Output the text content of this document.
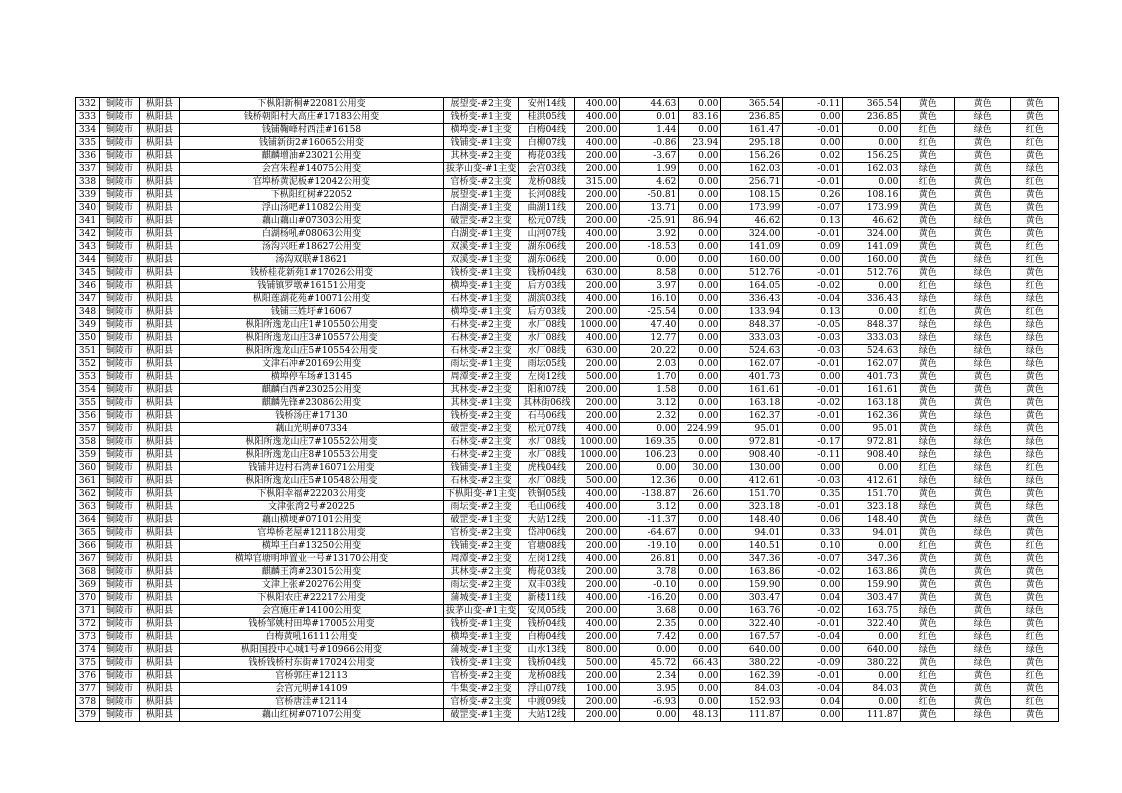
332	铜陵市	枞阳县	下枞阳新桐#22081公用变	展望变-#2主变	安州14线	400.00	44.63	0.00	365.54	-0.11	365.54	黄色	黄色	黄色
333	铜陵市	枞阳县	钱桥朝阳村大高庄#17183公用变	钱桥变-#1主变	桂洪05线	400.00	0.01	83.16	236.85	0.00	236.85	黄色	绿色	黄色
334	铜陵市	枞阳县	钱铺鞠峰村西洼#16158	横埠变-#1主变	白梅04线	200.00	1.44	0.00	161.47	-0.01	0.00	红色	绿色	红色
335	铜陵市	枞阳县	钱铺新街2#16065公用变	钱铺变-#1主变	白柳07线	400.00	-0.86	23.94	295.18	0.00	0.00	红色	黄色	红色
336	铜陵市	枞阳县	麒麟增油#23021公用变	其林变-#2主变	梅花03线	200.00	-3.67	0.00	156.26	0.02	156.25	黄色	黄色	黄色
337	铜陵市	枞阳县	会宫朱程#14075公用变	拔茅山变-#1主变	会宫03线	200.00	1.99	0.00	162.03	-0.01	162.03	绿色	黄色	绿色
338	铜陵市	枞阳县	官埠桥黄泥板#12042公用变	官桥变-#2主变	龙桥08线	315.00	4.62	0.00	256.71	-0.01	0.00	红色	黄色	红色
339	铜陵市	枞阳县	下枞阳红树#22052	展望变-#1主变	长河08线	200.00	-50.81	0.00	108.15	0.26	108.16	黄色	黄色	黄色
340	铜陵市	枞阳县	浮山汤吧#11082公用变	白湖变-#1主变	曲湖11线	200.00	13.71	0.00	173.99	-0.07	173.99	黄色	黄色	黄色
341	铜陵市	枞阳县	藕山藕山#07303公用变	破罡变-#2主变	松元07线	200.00	-25.91	86.94	46.62	0.13	46.62	黄色	绿色	黄色
342	铜陵市	枞阳县	白湖杨吼#08063公用变	白湖变-#1主变	山河07线	400.00	3.92	0.00	324.00	-0.01	324.00	黄色	黄色	黄色
343	铜陵市	枞阳县	汤沟兴旺#18627公用变	双溪变-#1主变	湖东06线	200.00	-18.53	0.00	141.09	0.09	141.09	黄色	黄色	红色
344	铜陵市	枞阳县	汤沟双联#18621	双溪变-#1主变	湖东06线	200.00	0.00	0.00	160.00	0.00	160.00	黄色	绿色	红色
345	铜陵市	枞阳县	钱桥桂花新苑1#17026公用变	钱桥变-#1主变	钱桥04线	630.00	8.58	0.00	512.76	-0.01	512.76	黄色	绿色	黄色
346	铜陵市	枞阳县	钱铺镇罗墩#16151公用变	横埠变-#1主变	后方03线	200.00	3.97	0.00	164.05	-0.02	0.00	红色	绿色	红色
347	铜陵市	枞阳县	枞阳莲湖花苑#10071公用变	石林变-#1主变	湖滨03线	400.00	16.10	0.00	336.43	-0.04	336.43	绿色	绿色	绿色
348	铜陵市	枞阳县	钱铺三姓圩#16067	横埠变-#1主变	后方03线	200.00	-25.54	0.00	133.94	0.13	0.00	红色	黄色	红色
349	铜陵市	枞阳县	枞阳所逸龙山庄1#10550公用变	石林变-#2主变	水厂08线	1000.00	47.40	0.00	848.37	-0.05	848.37	绿色	绿色	绿色
350	铜陵市	枞阳县	枞阳所逸龙山庄3#10557公用变	石林变-#2主变	水厂08线	400.00	12.77	0.00	333.03	-0.03	333.03	绿色	绿色	绿色
351	铜陵市	枞阳县	枞阳所逸龙山庄5#10554公用变	石林变-#2主变	水厂08线	630.00	20.22	0.00	524.63	-0.03	524.63	绿色	绿色	绿色
352	铜陵市	枞阳县	文津石冲#20169公用变	雨坛变-#1主变	雨坛05线	200.00	2.03	0.00	162.07	-0.01	162.07	黄色	绿色	绿色
353	铜陵市	枞阳县	横埠停车场#13145	周潭变-#2主变	左岗12线	500.00	1.70	0.00	401.73	0.00	401.73	黄色	黄色	黄色
354	铜陵市	枞阳县	麒麟白西#23025公用变	其林变-#2主变	阳和07线	200.00	1.58	0.00	161.61	-0.01	161.61	黄色	黄色	黄色
355	铜陵市	枞阳县	麒麟先锋#23086公用变	其林变-#1主变	其林街06线	200.00	3.12	0.00	163.18	-0.02	163.18	黄色	黄色	黄色
356	铜陵市	枞阳县	钱桥汤庄#17130	钱桥变-#2主变	石马06线	200.00	2.32	0.00	162.37	-0.01	162.36	黄色	绿色	黄色
357	铜陵市	枞阳县	藕山光明#07334	破罡变-#2主变	松元07线	400.00	0.00	224.99	95.01	0.00	95.01	黄色	绿色	黄色
358	铜陵市	枞阳县	枞阳所逸龙山庄7#10552公用变	石林变-#2主变	水厂08线	1000.00	169.35	0.00	972.81	-0.17	972.81	绿色	绿色	绿色
359	铜陵市	枞阳县	枞阳所逸龙山庄8#10553公用变	石林变-#2主变	水厂08线	1000.00	106.23	0.00	908.40	-0.11	908.40	绿色	绿色	绿色
360	铜陵市	枞阳县	钱铺井边村石湾#16071公用变	钱铺变-#1主变	虎栈04线	200.00	0.00	30.00	130.00	0.00	0.00	红色	绿色	红色
361	铜陵市	枞阳县	枞阳所逸龙山庄5#10548公用变	石林变-#2主变	水厂08线	500.00	12.36	0.00	412.61	-0.03	412.61	绿色	绿色	绿色
362	铜陵市	枞阳县	下枞阳幸福#22203公用变	下枞阳变-#1主变	铁铜05线	400.00	-138.87	26.60	151.70	0.35	151.70	黄色	黄色	黄色
363	铜陵市	枞阳县	文津张湾2号#20225	雨坛变-#2主变	毛山06线	400.00	3.12	0.00	323.18	-0.01	323.18	绿色	黄色	绿色
364	铜陵市	枞阳县	藕山横埂#07101公用变	破罡变-#1主变	大站12线	200.00	-11.37	0.00	148.40	0.06	148.40	黄色	绿色	黄色
365	铜陵市	枞阳县	官埠桥老屋#12118公用变	官桥变-#2主变	岱冲06线	200.00	-64.67	0.00	94.01	0.33	94.01	黄色	绿色	黄色
366	铜陵市	枞阳县	横埠王白#13250公用变	钱铺变-#2主变	官塘08线	200.00	-19.10	0.00	140.51	0.10	0.00	红色	黄色	红色
367	铜陵市	枞阳县	横埠官塘明坤置业一号#13170公用变	周潭变-#2主变	左岗12线	400.00	26.81	0.00	347.36	-0.07	347.36	黄色	黄色	黄色
368	铜陵市	枞阳县	麒麟王湾#23015公用变	其林变-#2主变	梅花03线	200.00	3.78	0.00	163.86	-0.02	163.86	黄色	黄色	黄色
369	铜陵市	枞阳县	文津上张#20276公用变	雨坛变-#2主变	双丰03线	200.00	-0.10	0.00	159.90	0.00	159.90	黄色	黄色	黄色
370	铜陵市	枞阳县	下枞阳农庄#22217公用变	蒲城变-#1主变	新楼11线	400.00	-16.20	0.00	303.47	0.04	303.47	黄色	黄色	黄色
371	铜陵市	枞阳县	会宫施庄#14100公用变	拔茅山变-#1主变	安凤05线	200.00	3.68	0.00	163.76	-0.02	163.75	绿色	黄色	绿色
372	铜陵市	枞阳县	钱桥邹姚村田埠#17005公用变	钱桥变-#1主变	钱桥04线	400.00	2.35	0.00	322.40	-0.01	322.40	黄色	绿色	黄色
373	铜陵市	枞阳县	白梅黄吼16111公用变	横埠变-#1主变	白梅04线	200.00	7.42	0.00	167.57	-0.04	0.00	红色	绿色	红色
374	铜陵市	枞阳县	枞阳国投中心城1号#10966公用变	蒲城变-#1主变	山水13线	800.00	0.00	0.00	640.00	0.00	640.00	绿色	绿色	绿色
375	铜陵市	枞阳县	钱桥钱桥村东街#17024公用变	钱桥变-#1主变	钱桥04线	500.00	45.72	66.43	380.22	-0.09	380.22	黄色	绿色	黄色
376	铜陵市	枞阳县	官桥郭庄#12113	官桥变-#2主变	龙桥08线	200.00	2.34	0.00	162.39	-0.01	0.00	红色	黄色	红色
377	铜陵市	枞阳县	会宫元明#14109	牛集变-#2主变	浮山07线	100.00	3.95	0.00	84.03	-0.04	84.03	黄色	黄色	黄色
378	铜陵市	枞阳县	官桥唐洼#12114	官桥变-#2主变	中渡09线	200.00	-6.93	0.00	152.93	0.04	0.00	红色	黄色	红色
379	铜陵市	枞阳县	藕山红树#07107公用变	破罡变-#1主变	大站12线	200.00	0.00	48.13	111.87	0.00	111.87	黄色	绿色	黄色
